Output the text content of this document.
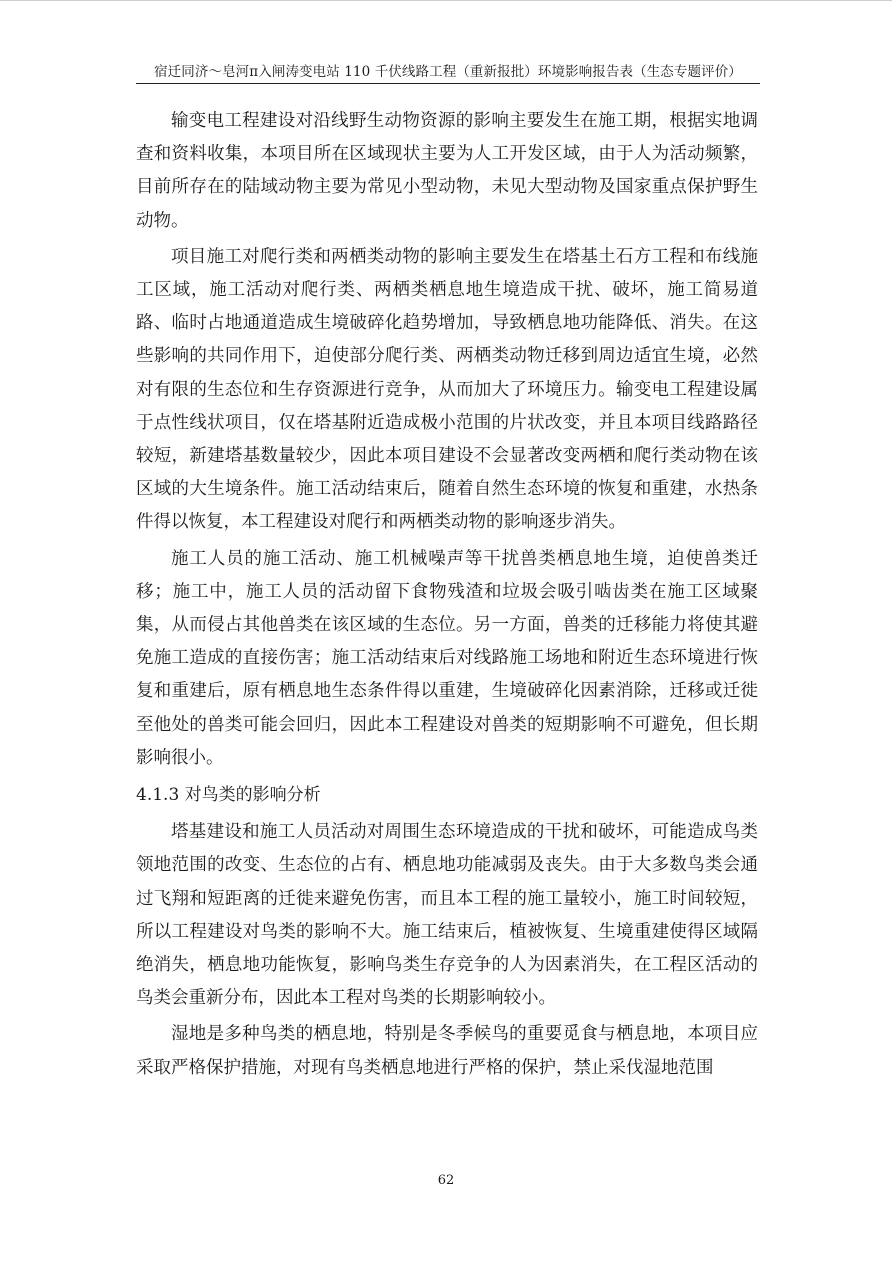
宿迁同济～皂河π入闸涛变电站 110 千伏线路工程（重新报批）环境影响报告表（生态专题评价）

输变电工程建设对沿线野生动物资源的影响主要发生在施工期，根据实地调查和资料收集，本项目所在区域现状主要为人工开发区域，由于人为活动频繁，目前所存在的陆域动物主要为常见小型动物，未见大型动物及国家重点保护野生动物。

项目施工对爬行类和两栖类动物的影响主要发生在塔基土石方工程和布线施工区域，施工活动对爬行类、两栖类栖息地生境造成干扰、破坏，施工简易道路、临时占地通道造成生境破碎化趋势增加，导致栖息地功能降低、消失。在这些影响的共同作用下，迫使部分爬行类、两栖类动物迁移到周边适宜生境，必然对有限的生态位和生存资源进行竞争，从而加大了环境压力。输变电工程建设属于点性线状项目，仅在塔基附近造成极小范围的片状改变，并且本项目线路路径较短，新建塔基数量较少，因此本项目建设不会显著改变两栖和爬行类动物在该区域的大生境条件。施工活动结束后，随着自然生态环境的恢复和重建，水热条件得以恢复，本工程建设对爬行和两栖类动物的影响逐步消失。

施工人员的施工活动、施工机械噪声等干扰兽类栖息地生境，迫使兽类迁移；施工中，施工人员的活动留下食物残渣和垃圾会吸引啮齿类在施工区域聚集，从而侵占其他兽类在该区域的生态位。另一方面，兽类的迁移能力将使其避免施工造成的直接伤害；施工活动结束后对线路施工场地和附近生态环境进行恢复和重建后，原有栖息地生态条件得以重建，生境破碎化因素消除，迁移或迁徙至他处的兽类可能会回归，因此本工程建设对兽类的短期影响不可避免，但长期影响很小。

4.1.3 对鸟类的影响分析

塔基建设和施工人员活动对周围生态环境造成的干扰和破坏，可能造成鸟类领地范围的改变、生态位的占有、栖息地功能减弱及丧失。由于大多数鸟类会通过飞翔和短距离的迁徙来避免伤害，而且本工程的施工量较小，施工时间较短，所以工程建设对鸟类的影响不大。施工结束后，植被恢复、生境重建使得区域隔绝消失，栖息地功能恢复，影响鸟类生存竞争的人为因素消失，在工程区活动的鸟类会重新分布，因此本工程对鸟类的长期影响较小。

湿地是多种鸟类的栖息地，特别是冬季候鸟的重要觅食与栖息地，本项目应采取严格保护措施，对现有鸟类栖息地进行严格的保护，禁止采伐湿地范围

62
